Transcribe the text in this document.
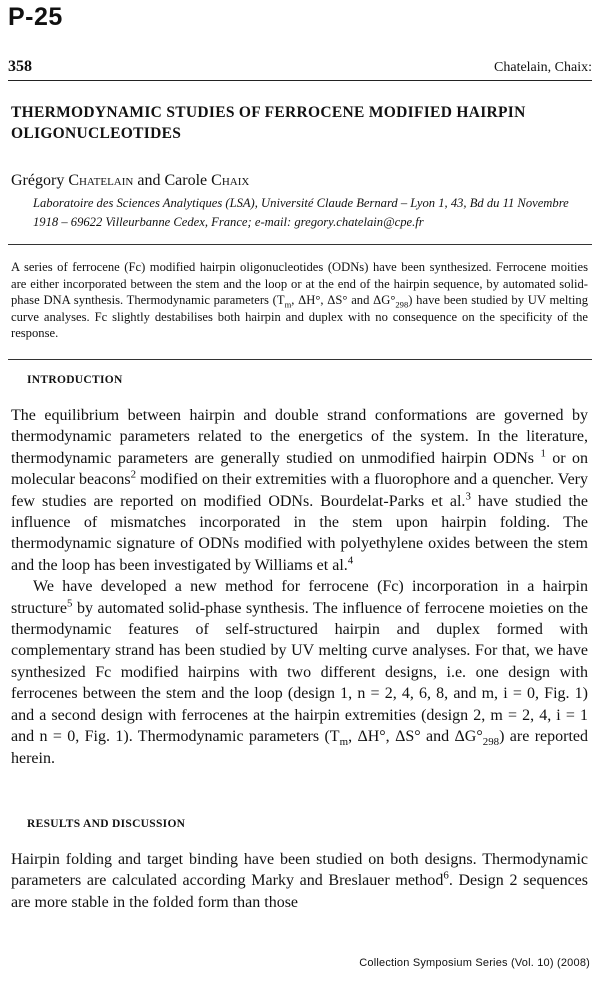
P-25
358	Chatelain, Chaix:
THERMODYNAMIC STUDIES OF FERROCENE MODIFIED HAIRPIN OLIGONUCLEOTIDES
Grégory Chatelain and Carole Chaix
Laboratoire des Sciences Analytiques (LSA), Université Claude Bernard – Lyon 1, 43, Bd du 11 Novembre 1918 – 69622 Villeurbanne Cedex, France; e-mail: gregory.chatelain@cpe.fr

A series of ferrocene (Fc) modified hairpin oligonucleotides (ODNs) have been synthesized. Ferrocene moities are either incorporated between the stem and the loop or at the end of the hairpin sequence, by automated solid-phase DNA synthesis. Thermodynamic parameters ($T_m$, ΔH°, ΔS° and $\Delta G^\circ_{298}$) have been studied by UV melting curve analyses. Fc slightly destabilises both hairpin and duplex with no consequence on the specificity of the response.

INTRODUCTION

The equilibrium between hairpin and double strand conformations are governed by thermodynamic parameters related to the energetics of the system. In the literature, thermodynamic parameters are generally studied on unmodified hairpin ODNs $^1$ or on molecular beacons$^2$ modified on their extremities with a fluorophore and a quencher. Very few studies are reported on modified ODNs. Bourdelat-Parks et al.$^3$ have studied the influence of mismatches incorporated in the stem upon hairpin folding. The thermodynamic signature of ODNs modified with polyethylene oxides between the stem and the loop has been investigated by Williams et al.$^4$

We have developed a new method for ferrocene (Fc) incorporation in a hairpin structure$^5$ by automated solid-phase synthesis. The influence of ferrocene moieties on the thermodynamic features of self-structured hairpin and duplex formed with complementary strand has been studied by UV melting curve analyses. For that, we have synthesized Fc modified hairpins with two different designs, i.e. one design with ferrocenes between the stem and the loop (design 1, n = 2, 4, 6, 8, and m, i = 0, Fig. 1) and a second design with ferrocenes at the hairpin extremities (design 2, m = 2, 4, i = 1 and n = 0, Fig. 1). Thermodynamic parameters ($T_m$, ΔH°, ΔS° and $\Delta G^\circ_{298}$) are reported herein.

RESULTS AND DISCUSSION

Hairpin folding and target binding have been studied on both designs. Thermodynamic parameters are calculated according Marky and Breslauer method$^6$. Design 2 sequences are more stable in the folded form than those

Collection Symposium Series (Vol. 10) (2008)
